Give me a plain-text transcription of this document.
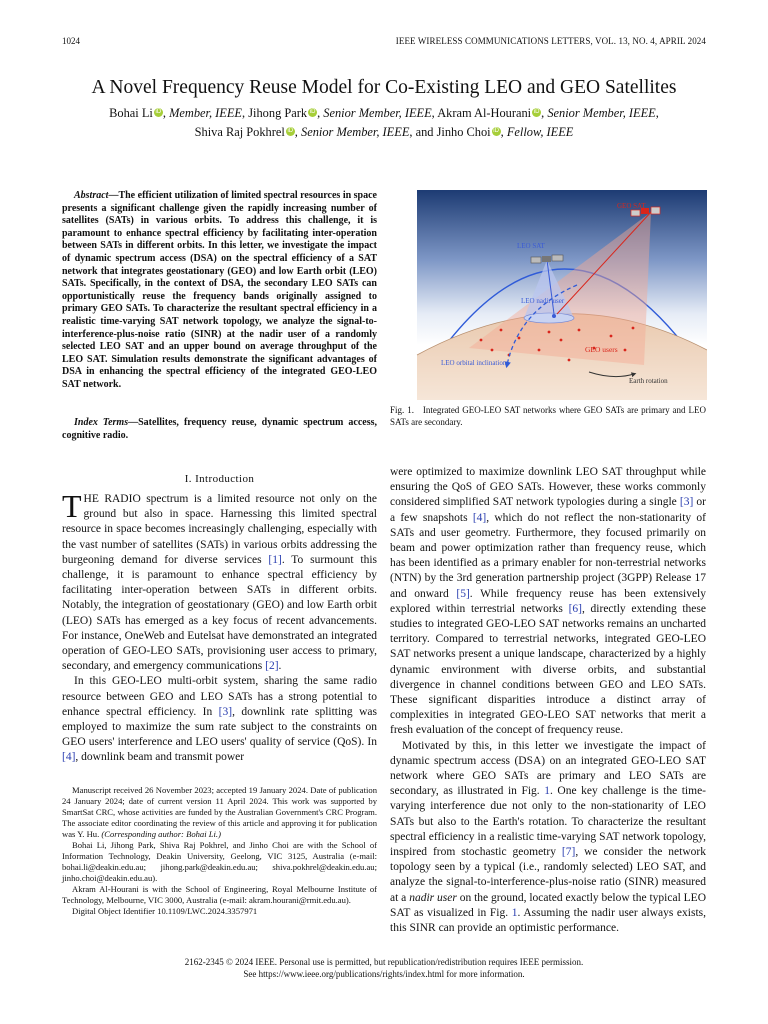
1024	IEEE WIRELESS COMMUNICATIONS LETTERS, VOL. 13, NO. 4, APRIL 2024
A Novel Frequency Reuse Model for Co-Existing LEO and GEO Satellites
Bohai Li iD , Member, IEEE, Jihong Park iD , Senior Member, IEEE, Akram Al-Hourani iD , Senior Member, IEEE,
Shiva Raj Pokhrel iD , Senior Member, IEEE, and Jinho Choi iD , Fellow, IEEE
Abstract—The efficient utilization of limited spectral resources in space presents a significant challenge given the rapidly increasing number of satellites (SATs) in various orbits. To address this challenge, it is paramount to enhance spectral efficiency by facilitating inter-operation between SATs in different orbits. In this letter, we investigate the impact of dynamic spectrum access (DSA) on the spectral efficiency of a SAT network that integrates geostationary (GEO) and low Earth orbit (LEO) SATs. Specifically, in the context of DSA, the secondary LEO SATs can opportunistically reuse the frequency bands originally assigned to primary GEO SATs. To characterize the resultant spectral efficiency in a realistic time-varying SAT network topology, we analyze the signal-to-interference-plus-noise ratio (SINR) at the nadir user of a randomly selected LEO SAT and an upper bound on average throughput of the LEO SAT. Simulation results demonstrate the significant advantages of DSA in enhancing the spectral efficiency of the integrated GEO-LEO SAT network.
Index Terms—Satellites, frequency reuse, dynamic spectrum access, cognitive radio.
I. Introduction

THE RADIO spectrum is a limited resource not only on the ground but also in space. Harnessing this limited spectral resource in space becomes increasingly challenging, especially with the vast number of satellites (SATs) in various orbits addressing the burgeoning demand for diverse services [1]. To surmount this challenge, it is paramount to enhance spectral efficiency by facilitating inter-operation between SATs in different orbits. Notably, the integration of geostationary (GEO) and low Earth orbit (LEO) SATs has emerged as a key focus of recent advancements. For instance, OneWeb and Eutelsat have demonstrated an integrated operation of GEO-LEO SATs, provisioning user access to primary, secondary, and emergency communications [2].

In this GEO-LEO multi-orbit system, sharing the same radio resource between GEO and LEO SATs has a strong potential to enhance spectral efficiency. In [3], downlink rate splitting was employed to maximize the sum rate subject to the constraints on GEO users' interference and LEO users' quality of service (QoS). In [4], downlink beam and transmit power

Manuscript received 26 November 2023; accepted 19 January 2024. Date of publication 24 January 2024; date of current version 11 April 2024. This work was supported by SmartSat CRC, whose activities are funded by the Australian Government's CRC Program. The associate editor coordinating the review of this article and approving it for publication was Y. Hu. (Corresponding author: Bohai Li.)

Bohai Li, Jihong Park, Shiva Raj Pokhrel, and Jinho Choi are with the School of Information Technology, Deakin University, Geelong, VIC 3125, Australia (e-mail: bohai.li@deakin.edu.au; jihong.park@deakin.edu.au; shiva.pokhrel@deakin.edu.au; jinho.choi@deakin.edu.au).

Akram Al-Hourani is with the School of Engineering, Royal Melbourne Institute of Technology, Melbourne, VIC 3000, Australia (e-mail: akram.hourani@rmit.edu.au).

Digital Object Identifier 10.1109/LWC.2024.3357971

GEO SAT
LEO SAT
LEO nadir user
GEO users
LEO orbital inclination
Earth rotation
Fig. 1. Integrated GEO-LEO SAT networks where GEO SATs are primary and LEO SATs are secondary.

were optimized to maximize downlink LEO SAT throughput while ensuring the QoS of GEO SATs. However, these works commonly considered simplified SAT network typologies during a single [3] or a few snapshots [4], which do not reflect the non-stationarity of SATs and user geometry. Furthermore, they focused primarily on beam and power optimization rather than frequency reuse, which has been identified as a primary enabler for non-terrestrial networks (NTN) by the 3rd generation partnership project (3GPP) Release 17 and onward [5]. While frequency reuse has been extensively explored within terrestrial networks [6], directly extending these studies to integrated GEO-LEO SAT networks remains an uncharted territory. Compared to terrestrial networks, integrated GEO-LEO SAT networks present a unique landscape, characterized by a highly dynamic environment with diverse orbits, and substantial divergence in channel conditions between GEO and LEO SATs. These significant disparities introduce a distinct array of complexities in integrated GEO-LEO SAT networks that merit a fresh evaluation of the concept of frequency reuse.

Motivated by this, in this letter we investigate the impact of dynamic spectrum access (DSA) on an integrated GEO-LEO SAT network where GEO SATs are primary and LEO SATs are secondary, as illustrated in Fig. 1. One key challenge is the time-varying interference due not only to the non-stationarity of LEO SATs but also to the Earth's rotation. To characterize the resultant spectral efficiency in a realistic time-varying SAT network topology, inspired from stochastic geometry [7], we consider the network topology seen by a typical (i.e., randomly selected) LEO SAT, and analyze the signal-to-interference-plus-noise ratio (SINR) measured at a nadir user on the ground, located exactly below the typical LEO SAT as visualized in Fig. 1. Assuming the nadir user always exists, this SINR can provide an optimistic performance.

2162-2345 © 2024 IEEE. Personal use is permitted, but republication/redistribution requires IEEE permission.
See https://www.ieee.org/publications/rights/index.html for more information.
